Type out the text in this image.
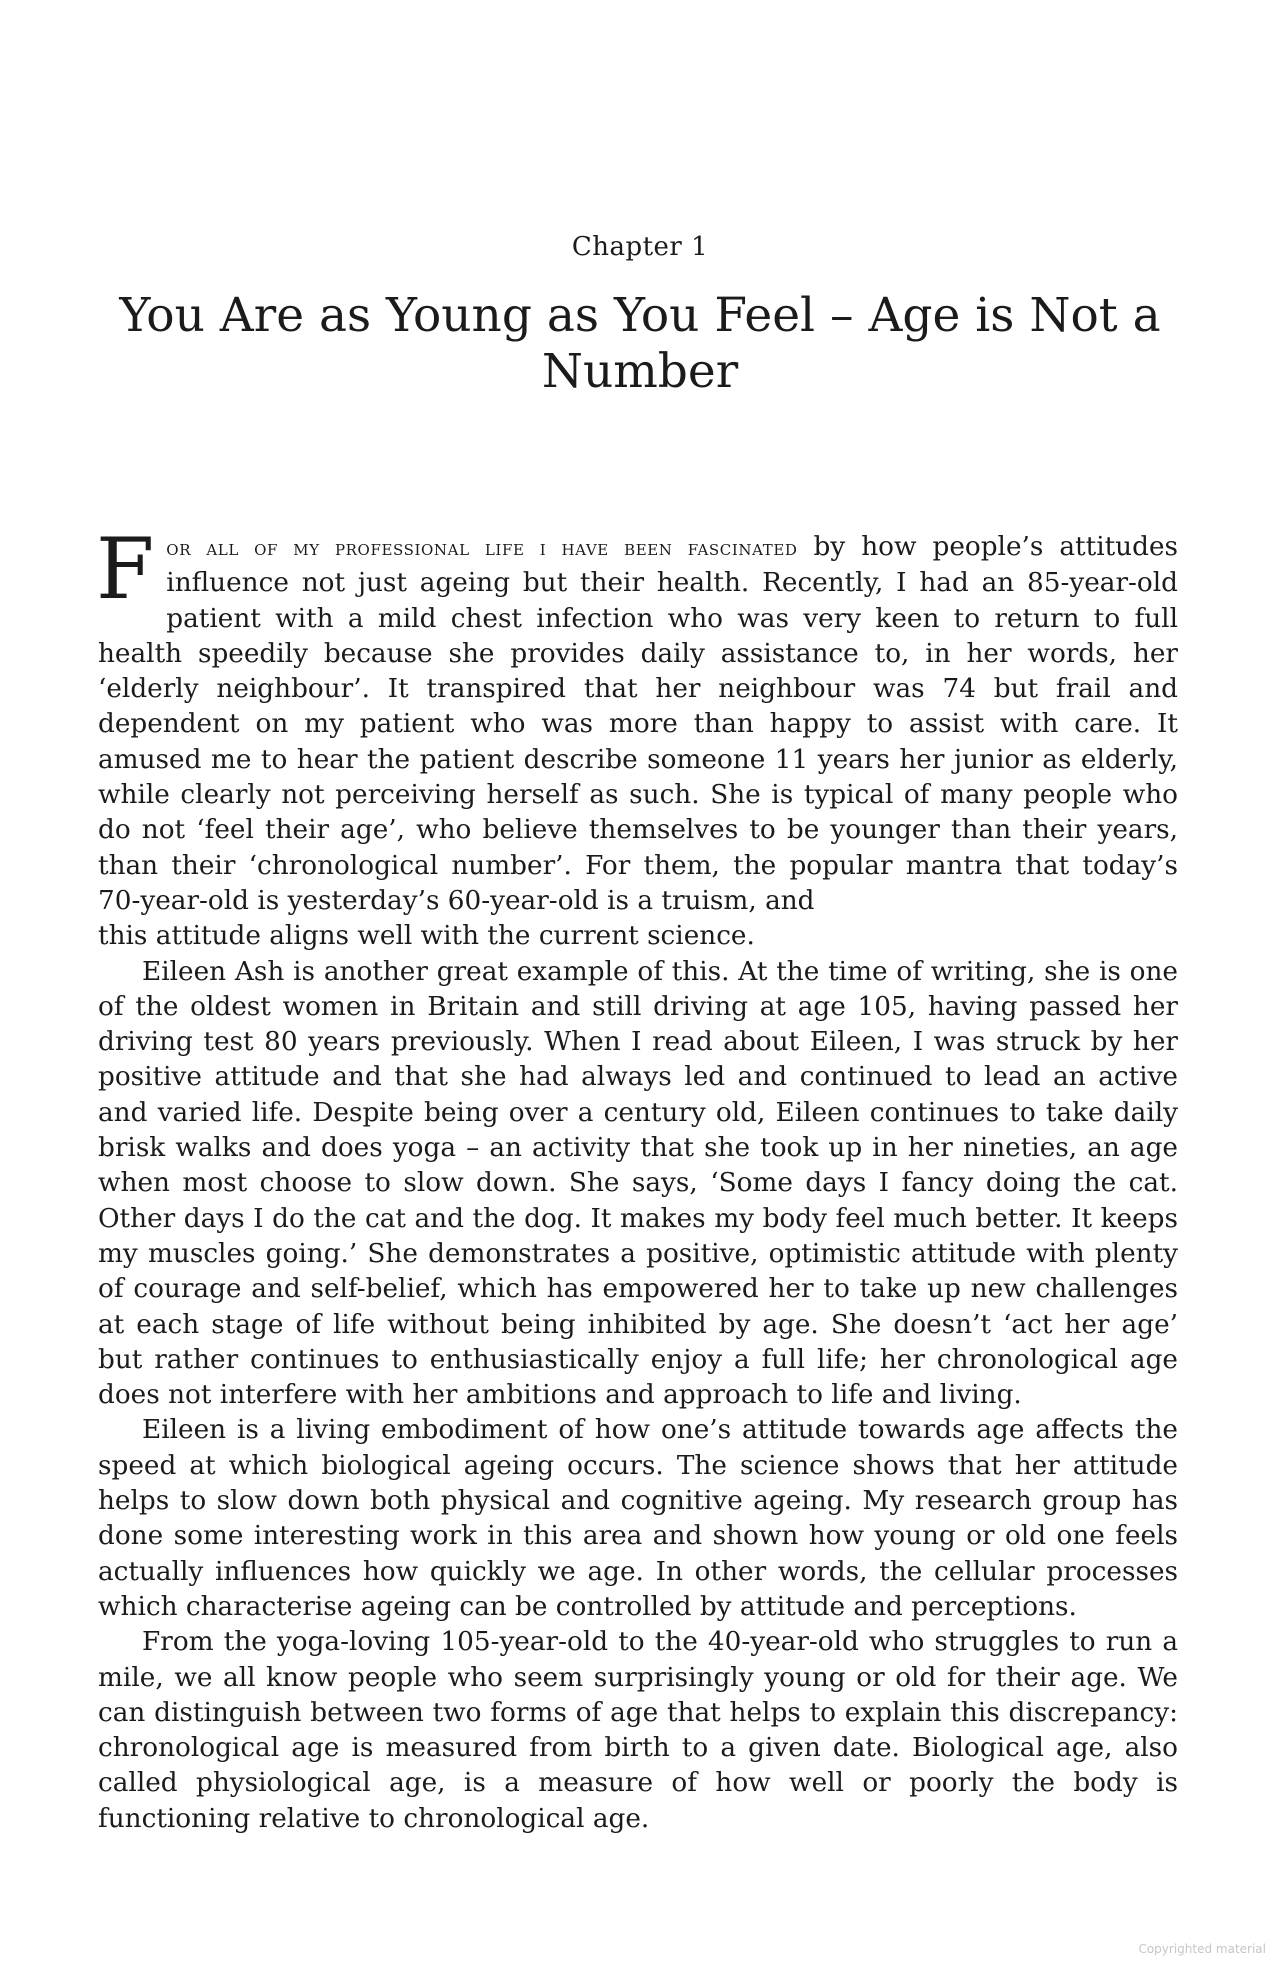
Chapter 1
You Are as Young as You Feel – Age is Not a Number

For all of my professional life i have been fascinated by how people’s attitudes influence not just ageing but their health. Recently, I had an 85-year-old patient with a mild chest infection who was very keen to return to full health speedily because she provides daily assistance to, in her words, her ‘elderly neighbour’. It transpired that her neighbour was 74 but frail and dependent on my patient who was more than happy to assist with care. It amused me to hear the patient describe someone 11 years her junior as elderly, while clearly not perceiving herself as such. She is typical of many people who do not ‘feel their age’, who believe themselves to be younger than their years, than their ‘chronological number’. For them, the popular mantra that today’s 70-year-old is yesterday’s 60-year-old is a truism, and

this attitude aligns well with the current science.

Eileen Ash is another great example of this. At the time of writing, she is one of the oldest women in Britain and still driving at age 105, having passed her driving test 80 years previously. When I read about Eileen, I was struck by her positive attitude and that she had always led and continued to lead an active and varied life. Despite being over a century old, Eileen continues to take daily brisk walks and does yoga – an activity that she took up in her nineties, an age when most choose to slow down. She says, ‘Some days I fancy doing the cat. Other days I do the cat and the dog. It makes my body feel much better. It keeps my muscles going.’ She demonstrates a positive, optimistic attitude with plenty of courage and self-belief, which has empowered her to take up new challenges at each stage of life without being inhibited by age. She doesn’t ‘act her age’ but rather continues to enthusiastically enjoy a full life; her chronological age does not interfere with her ambitions and approach to life and living.

Eileen is a living embodiment of how one’s attitude towards age affects the speed at which biological ageing occurs. The science shows that her attitude helps to slow down both physical and cognitive ageing. My research group has done some interesting work in this area and shown how young or old one feels actually influences how quickly we age. In other words, the cellular processes which characterise ageing can be controlled by attitude and perceptions.

From the yoga-loving 105-year-old to the 40-year-old who struggles to run a mile, we all know people who seem surprisingly young or old for their age. We can distinguish between two forms of age that helps to explain this discrepancy: chronological age is measured from birth to a given date. Biological age, also called physiological age, is a measure of how well or poorly the body is functioning relative to chronological age.

Copyrighted material
